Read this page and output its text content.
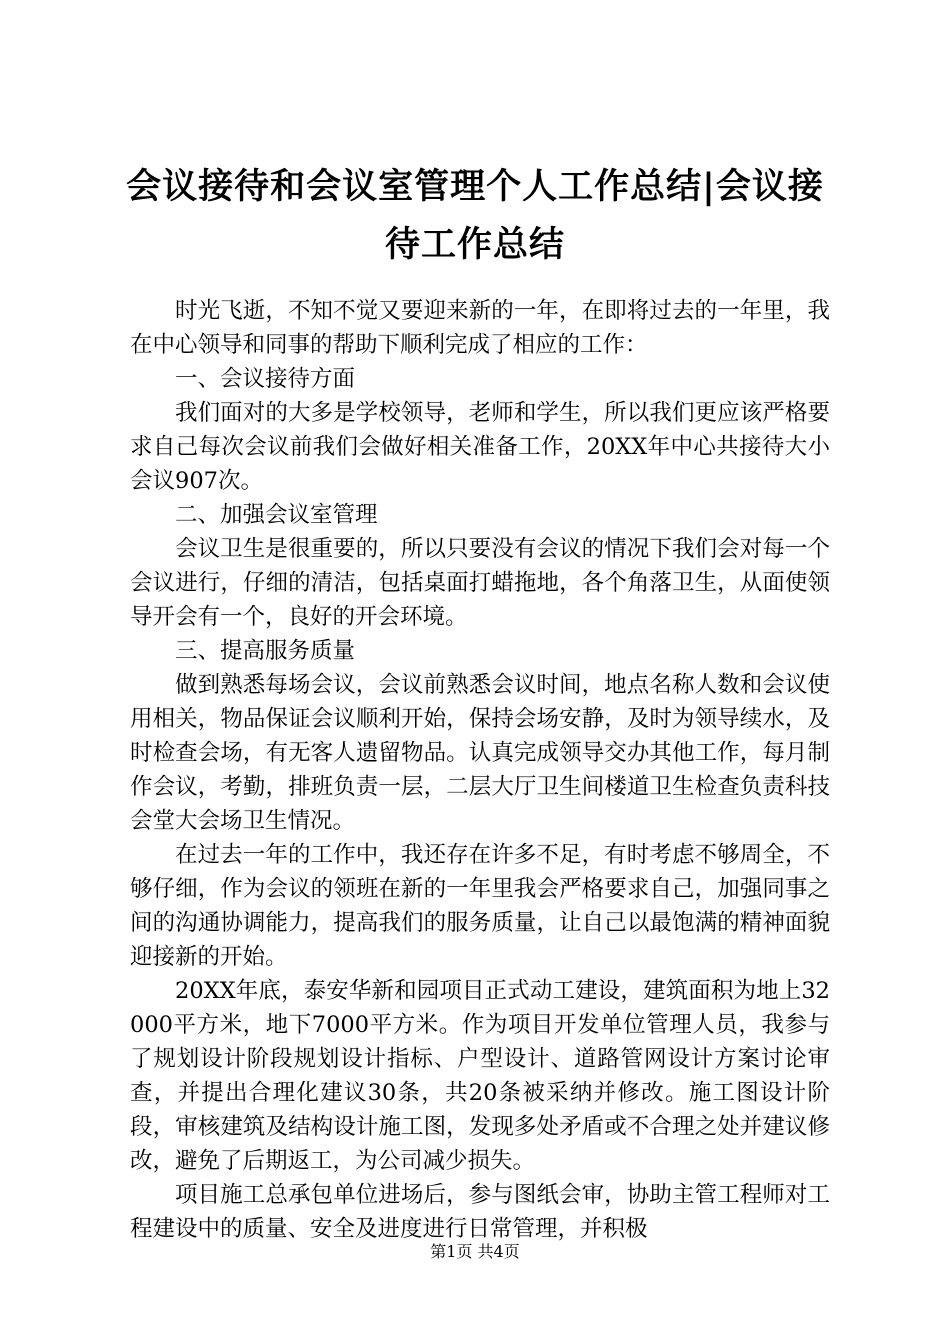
会议接待和会议室管理个人工作总结|会议接待工作总结

时光飞逝，不知不觉又要迎来新的一年，在即将过去的一年里，我在中心领导和同事的帮助下顺利完成了相应的工作：

一、会议接待方面

我们面对的大多是学校领导，老师和学生，所以我们更应该严格要求自己每次会议前我们会做好相关准备工作，20XX年中心共接待大小会议907次。

二、加强会议室管理

会议卫生是很重要的，所以只要没有会议的情况下我们会对每一个会议进行，仔细的清洁，包括桌面打蜡拖地，各个角落卫生，从面使领导开会有一个，良好的开会环境。

三、提高服务质量

做到熟悉每场会议，会议前熟悉会议时间，地点名称人数和会议使用相关，物品保证会议顺利开始，保持会场安静，及时为领导续水，及时检查会场，有无客人遗留物品。认真完成领导交办其他工作，每月制作会议，考勤，排班负责一层，二层大厅卫生间楼道卫生检查负责科技会堂大会场卫生情况。

在过去一年的工作中，我还存在许多不足，有时考虑不够周全，不够仔细，作为会议的领班在新的一年里我会严格要求自己，加强同事之间的沟通协调能力，提高我们的服务质量，让自己以最饱满的精神面貌迎接新的开始。

20XX年底，泰安华新和园项目正式动工建设，建筑面积为地上32000平方米，地下7000平方米。作为项目开发单位管理人员，我参与了规划设计阶段规划设计指标、户型设计、道路管网设计方案讨论审查，并提出合理化建议30条，共20条被采纳并修改。施工图设计阶段，审核建筑及结构设计施工图，发现多处矛盾或不合理之处并建议修改，避免了后期返工，为公司减少损失。

项目施工总承包单位进场后，参与图纸会审，协助主管工程师对工程建设中的质量、安全及进度进行日常管理，并积极

第1页 共4页
